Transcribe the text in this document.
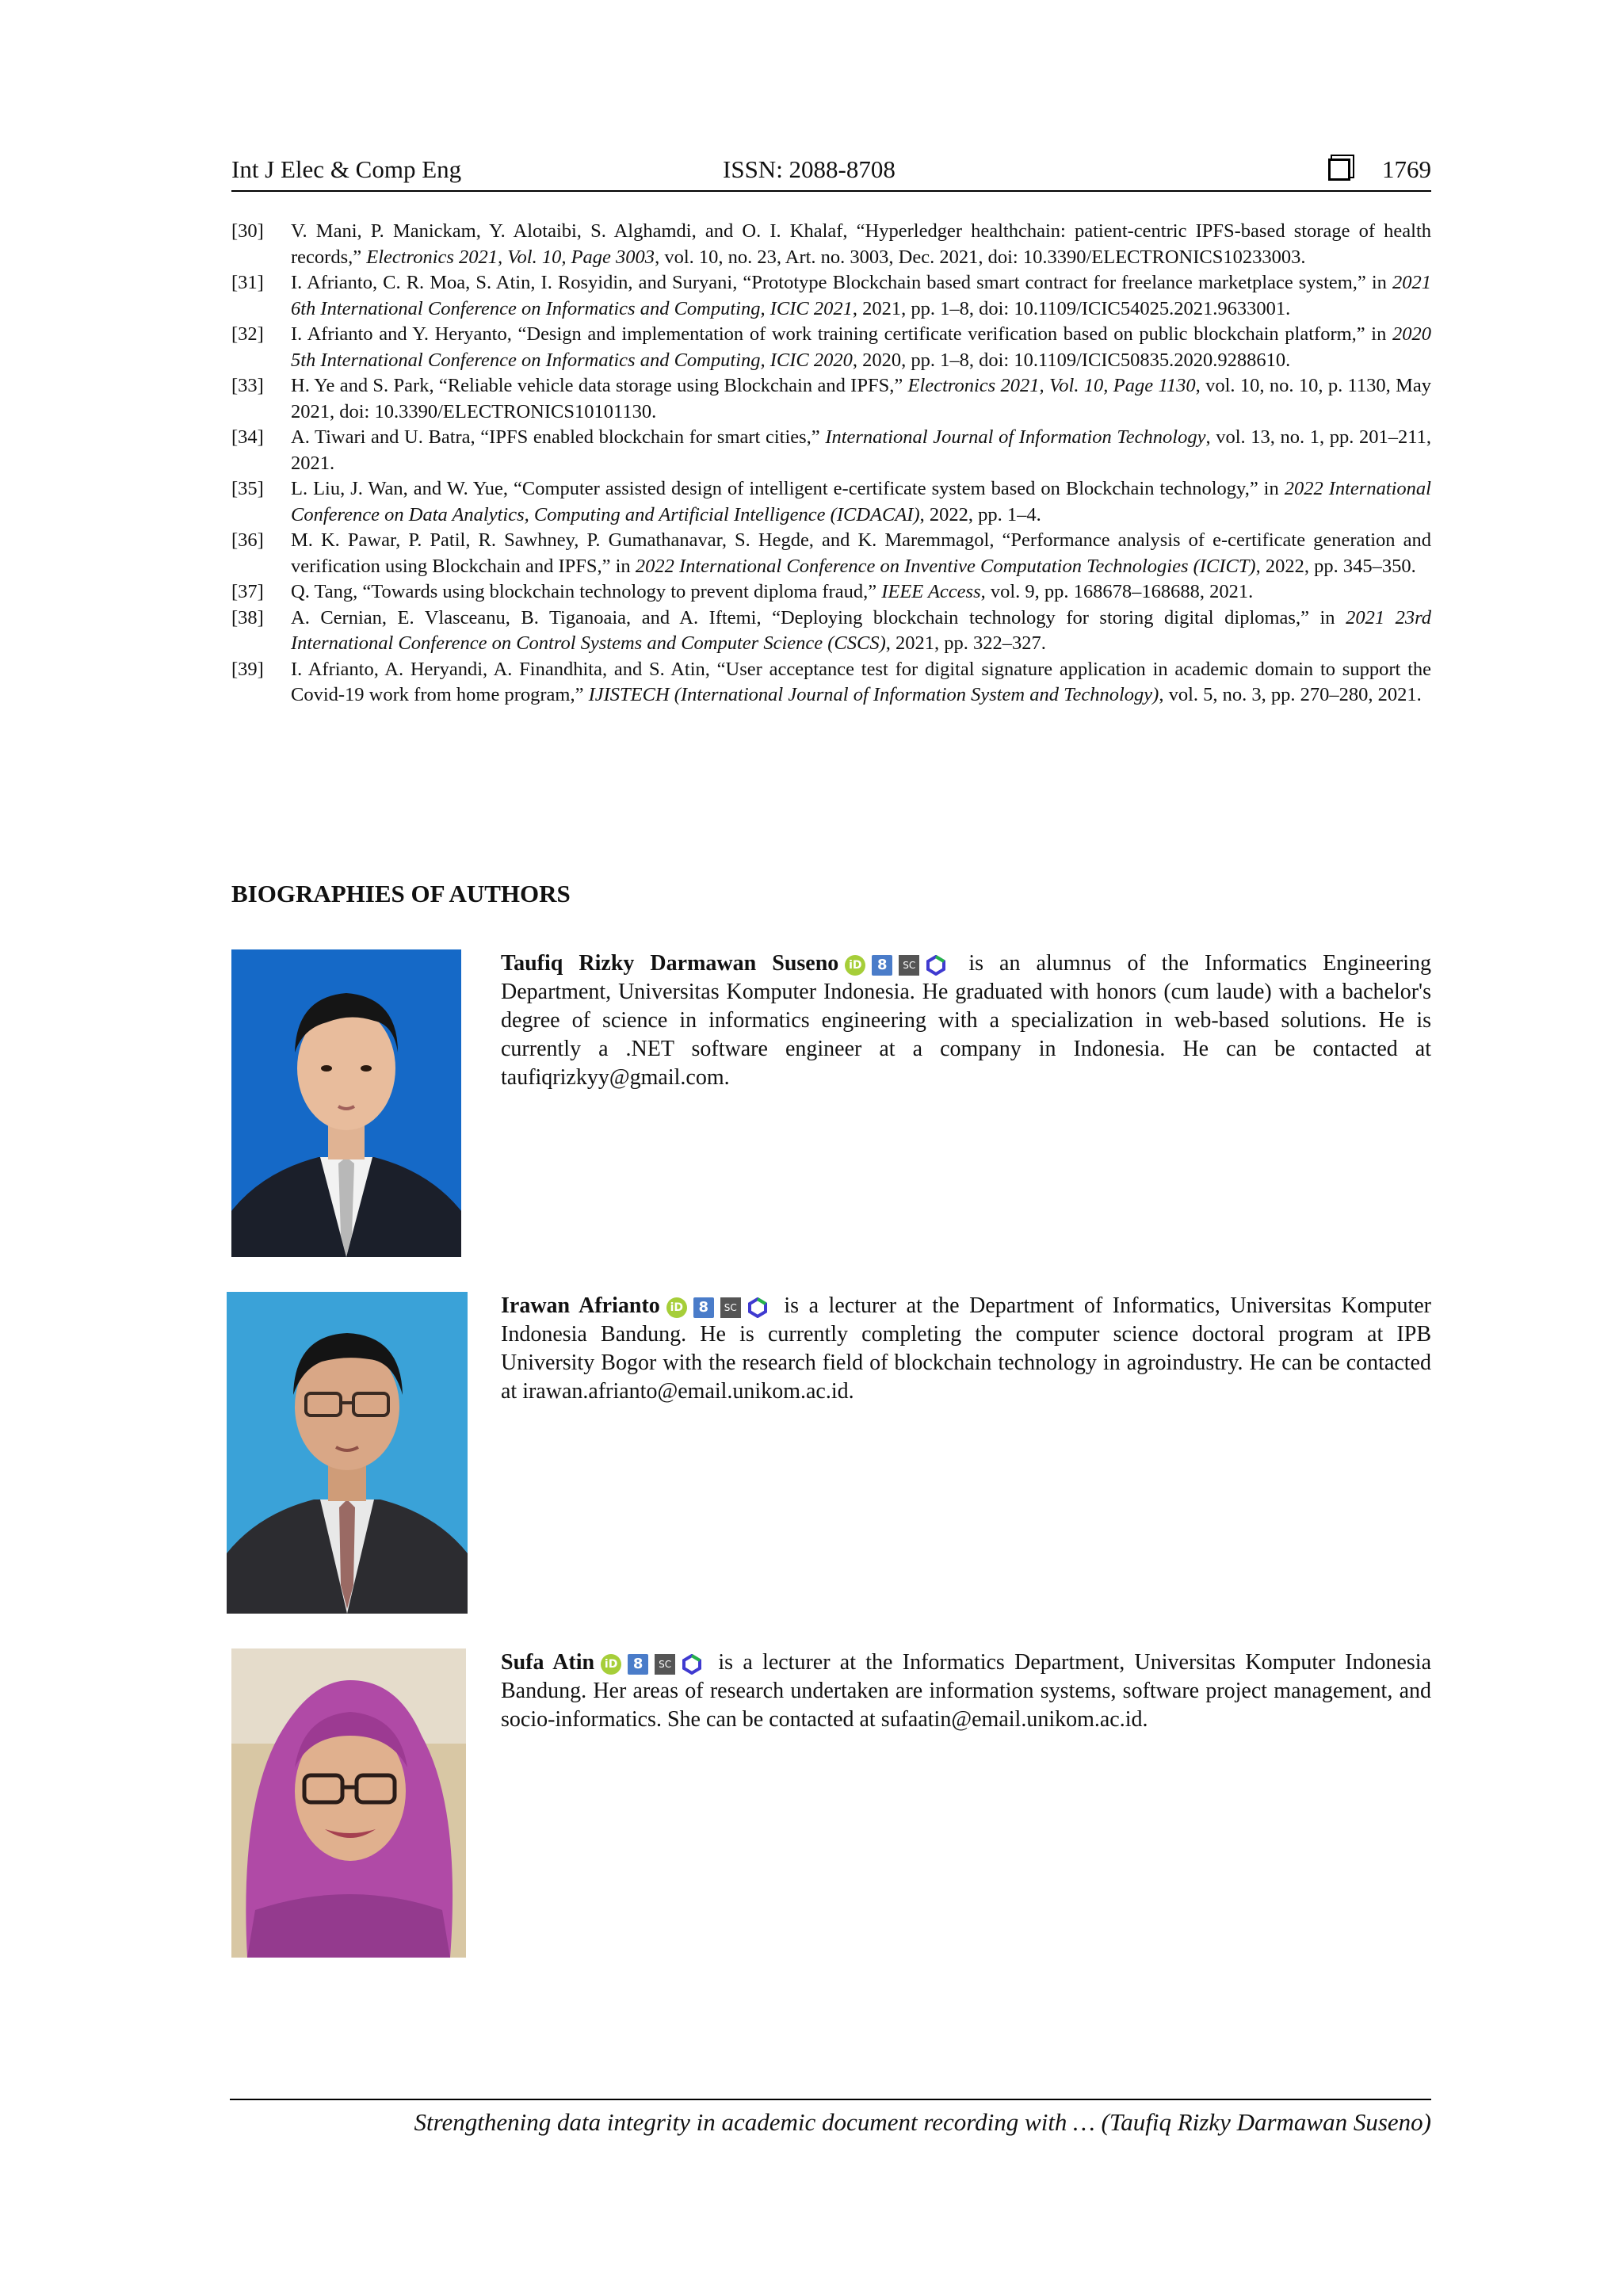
Int J Elec & Comp Eng	ISSN: 2088-8708	1769
[30]	V. Mani, P. Manickam, Y. Alotaibi, S. Alghamdi, and O. I. Khalaf, “Hyperledger healthchain: patient-centric IPFS-based storage of health records,” Electronics 2021, Vol. 10, Page 3003, vol. 10, no. 23, Art. no. 3003, Dec. 2021, doi: 10.3390/ELECTRONICS10233003.
[31]	I. Afrianto, C. R. Moa, S. Atin, I. Rosyidin, and Suryani, “Prototype Blockchain based smart contract for freelance marketplace system,” in 2021 6th International Conference on Informatics and Computing, ICIC 2021, 2021, pp. 1–8, doi: 10.1109/ICIC54025.2021.9633001.
[32]	I. Afrianto and Y. Heryanto, “Design and implementation of work training certificate verification based on public blockchain platform,” in 2020 5th International Conference on Informatics and Computing, ICIC 2020, 2020, pp. 1–8, doi: 10.1109/ICIC50835.2020.9288610.
[33]	H. Ye and S. Park, “Reliable vehicle data storage using Blockchain and IPFS,” Electronics 2021, Vol. 10, Page 1130, vol. 10, no. 10, p. 1130, May 2021, doi: 10.3390/ELECTRONICS10101130.
[34]	A. Tiwari and U. Batra, “IPFS enabled blockchain for smart cities,” International Journal of Information Technology, vol. 13, no. 1, pp. 201–211, 2021.
[35]	L. Liu, J. Wan, and W. Yue, “Computer assisted design of intelligent e-certificate system based on Blockchain technology,” in 2022 International Conference on Data Analytics, Computing and Artificial Intelligence (ICDACAI), 2022, pp. 1–4.
[36]	M. K. Pawar, P. Patil, R. Sawhney, P. Gumathanavar, S. Hegde, and K. Maremmagol, “Performance analysis of e-certificate generation and verification using Blockchain and IPFS,” in 2022 International Conference on Inventive Computation Technologies (ICICT), 2022, pp. 345–350.
[37]	Q. Tang, “Towards using blockchain technology to prevent diploma fraud,” IEEE Access, vol. 9, pp. 168678–168688, 2021.
[38]	A. Cernian, E. Vlasceanu, B. Tiganoaia, and A. Iftemi, “Deploying blockchain technology for storing digital diplomas,” in 2021 23rd International Conference on Control Systems and Computer Science (CSCS), 2021, pp. 322–327.
[39]	I. Afrianto, A. Heryandi, A. Finandhita, and S. Atin, “User acceptance test for digital signature application in academic domain to support the Covid-19 work from home program,” IJISTECH (International Journal of Information System and Technology), vol. 5, no. 3, pp. 270–280, 2021.
BIOGRAPHIES OF AUTHORS
Taufiq Rizky Darmawan Suseno iD	8	SC is an alumnus of the Informatics Engineering Department, Universitas Komputer Indonesia. He graduated with honors (cum laude) with a bachelor's degree of science in informatics engineering with a specialization in web-based solutions. He is currently a .NET software engineer at a company in Indonesia. He can be contacted at taufiqrizkyy@gmail.com.
Irawan Afrianto iD	8	SC is a lecturer at the Department of Informatics, Universitas Komputer Indonesia Bandung. He is currently completing the computer science doctoral program at IPB University Bogor with the research field of blockchain technology in agroindustry. He can be contacted at irawan.afrianto@email.unikom.ac.id.
Sufa Atin iD	8	SC is a lecturer at the Informatics Department, Universitas Komputer Indonesia Bandung. Her areas of research undertaken are information systems, software project management, and socio-informatics. She can be contacted at sufaatin@email.unikom.ac.id.
Strengthening data integrity in academic document recording with … (Taufiq Rizky Darmawan Suseno)
